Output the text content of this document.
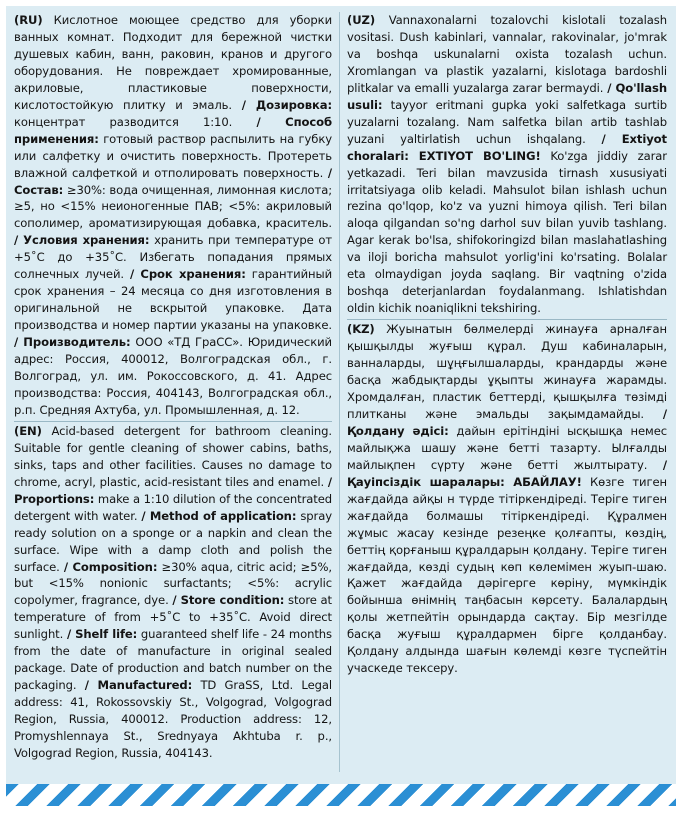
(RU) Кислотное моющее средство для уборки ванных комнат. Подходит для бережной чистки душевых кабин, ванн, раковин, кранов и другого оборудования. Не повреждает хромированные, акриловые, пластиковые поверхности, кислотостойкую плитку и эмаль. / Дозировка: концентрат разводится 1:10. / Способ применения: готовый раствор распылить на губку или салфетку и очистить поверхность. Протереть влажной салфеткой и отполировать поверхность. / Состав: ≥30%: вода очищенная, лимонная кислота; ≥5, но <15% неионогенные ПАВ; <5%: акриловый сополимер, ароматизирующая добавка, краситель. / Условия хранения: хранить при температуре от +5˚С до +35˚С. Избегать попадания прямых солнечных лучей. / Срок хранения: гарантийный срок хранения – 24 месяца со дня изготовления в оригинальной не вскрытой упаковке. Дата производства и номер партии указаны на упаковке. / Производитель: ООО «ТД ГраСС». Юридический адрес: Россия, 400012, Волгоградская обл., г. Волгоград, ул. им. Рокоссовского, д. 41. Адрес производства: Россия, 404143, Волгоградская обл., р.п. Средняя Ахтуба, ул. Промышленная, д. 12.

(EN) Acid-based detergent for bathroom cleaning. Suitable for gentle cleaning of shower cabins, baths, sinks, taps and other facilities. Causes no damage to chrome, acryl, plastic, acid-resistant tiles and enamel. / Proportions: make a 1:10 dilution of the concentrated detergent with water. / Method of application: spray ready solution on a sponge or a napkin and clean the surface. Wipe with a damp cloth and polish the surface. / Composition: ≥30% aqua, citric acid; ≥5%, but <15% nonionic surfactants; <5%: acrylic copolymer, fragrance, dye. / Store condition: store at temperature of from +5˚С to +35˚С. Avoid direct sunlight. / Shelf life: guaranteed shelf life - 24 months from the date of manufacture in original sealed package. Date of production and batch number on the packaging. / Manufactured: TD GraSS, Ltd. Legal address: 41, Rokossovskiy St., Volgograd, Volgograd Region, Russia, 400012. Production address: 12, Promyshlennaya St., Srednyaya Akhtuba r. p., Volgograd Region, Russia, 404143.

(UZ) Vannaxonalarni tozalovchi kislotali tozalash vositasi. Dush kabinlari, vannalar, rakovinalar, jo'mrak va boshqa uskunalarni oxista tozalash uchun. Xromlangan va plastik yazalarni, kislotaga bardoshli plitkalar va emalli yuzalarga zarar bermaydi. / Qo'llash usuli: tayyor eritmani gupka yoki salfetkaga surtib yuzalarni tozalang. Nam salfetka bilan artib tashlab yuzani yaltirlatish uchun ishqalang. / Extiyot choralari: EXTIYOT BO'LING! Ko'zga jiddiy zarar yetkazadi. Teri bilan mavzusida tirnash xususiyati irritatsiyaga olib keladi. Mahsulot bilan ishlash uchun rezina qo'lqop, ko'z va yuzni himoya qilish. Teri bilan aloqa qilgandan so'ng darhol suv bilan yuvib tashlang. Agar kerak bo'lsa, shifokoringizd bilan maslahatlashing va iloji boricha mahsulot yorlig'ini ko'rsating. Bolalar eta olmaydigan joyda saqlang. Bir vaqtning o'zida boshqa deterjanlardan foydalanmang. Ishlatishdan oldin kichik noaniqlikni tekshiring.

(KZ) Жуынатын бөлмелерді жинауға арналған қышқылды жуғыш құрал. Душ кабиналарын, ванналарды, шұңғылшаларды, крандарды және басқа жабдықтарды ұқыпты жинауға жарамды. Хромдалған, пластик беттерді, қышқылға төзімді плитканы және эмальды зақымдамайды. / Қолдану әдісі: дайын ерітіндіні ысқышқа немес майлықжа шашу және бетті тазарту. Ылғалды майлықпен сүрту және бетті жылтырату. / Қауіпсіздік шаралары: АБАЙЛАУ! Көзге тиген жағдайда айқы н түрде тітіркендіреді. Теріге тиген жағдайда болмашы тітіркендіреді. Құралмен жұмыс жасау кезінде резеңке қолғапты, көздің, беттің қорғаныш құралдарын қолдану. Теріге тиген жағдайда, көзді судың көп көлемімен жуып-шаю. Қажет жағдайда дәрігерге көріну, мүмкіндік бойынша өнімнің таңбасын көрсету. Балалардың қолы жетпейтін орындарда сақтау. Бір мезгілде басқа жуғыш құралдармен бірге қолданбау. Қолдану алдында шағын көлемді көзге түспейтін учаскеде тексеру.
